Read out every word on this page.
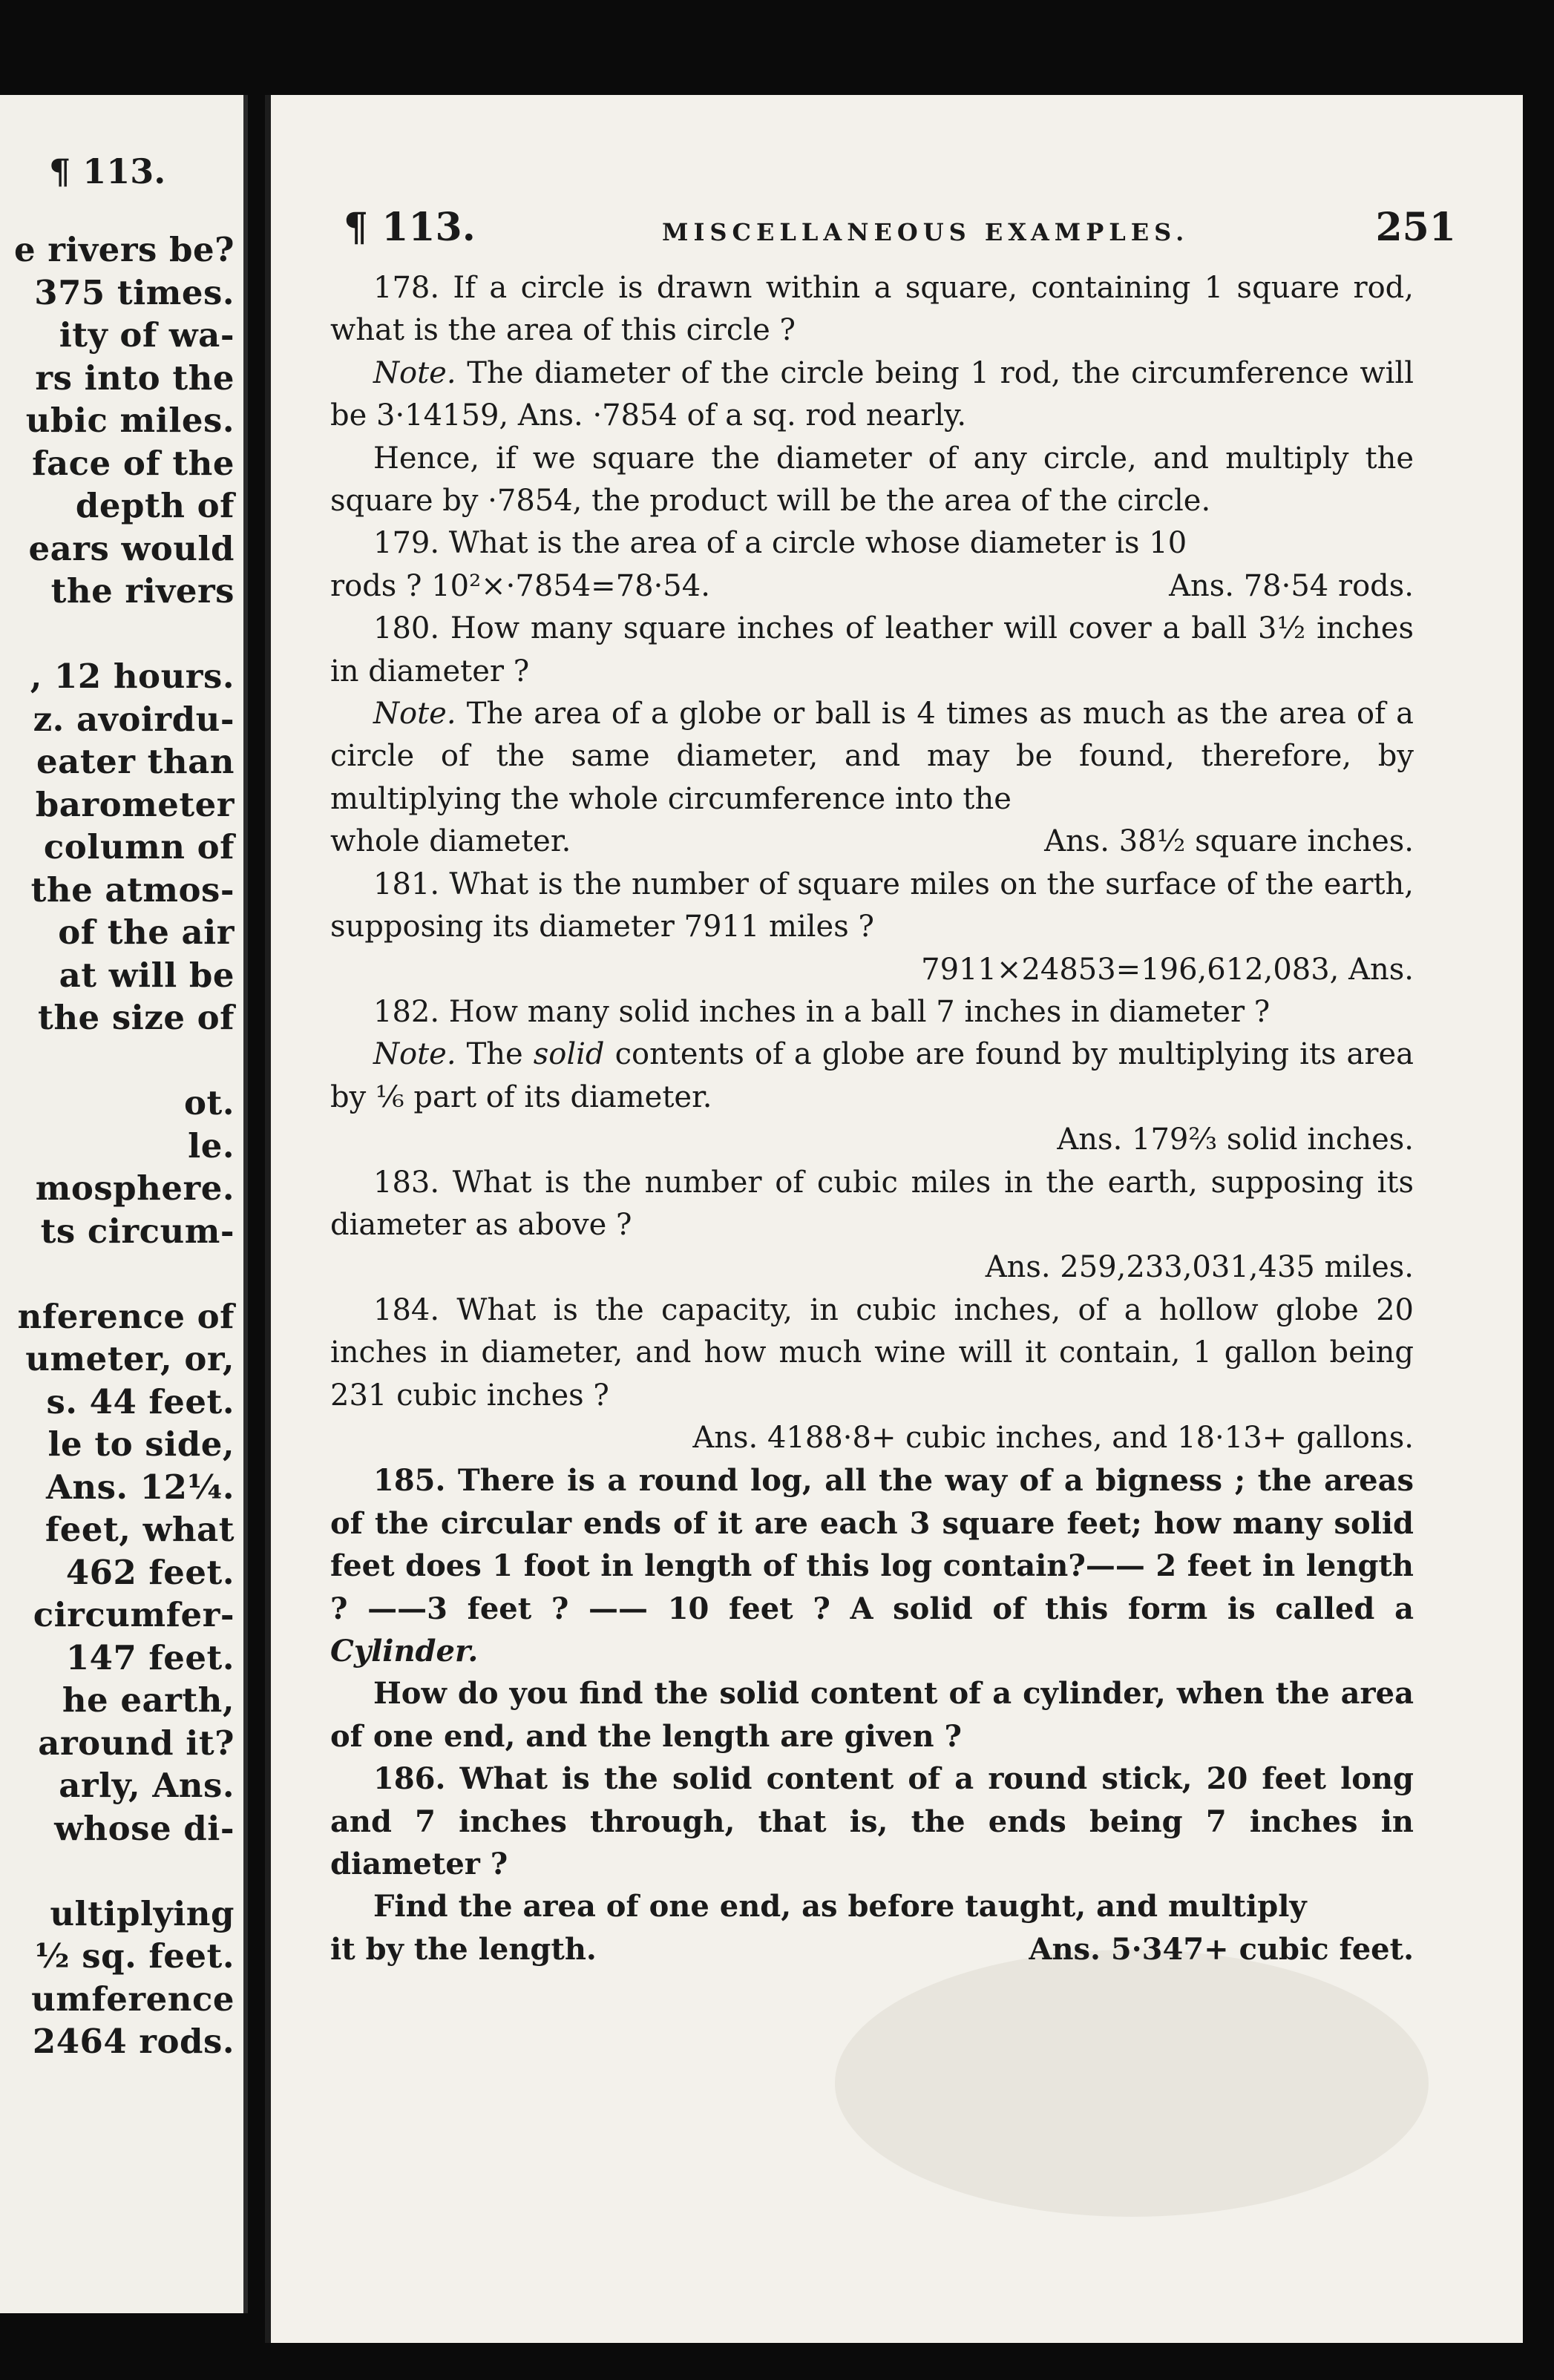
¶ 113.
e rivers be?
375 times.
ity of wa-
rs into the
ubic miles.
face of the
depth of
ears would
the rivers
, 12 hours.
z. avoirdu-
eater than
barometer
column of
the atmos-
of the air
at will be
the size of
ot.
le.
mosphere.
ts circum-
nference of
umeter, or,
s. 44 feet.
le to side,
Ans. 12¼.
feet, what
462 feet.
circumfer-
147 feet.
he earth,
around it?
arly, Ans.
whose di-
ultiplying
½ sq. feet.
umference
2464 rods.
¶ 113.	MISCELLANEOUS EXAMPLES.	251

178. If a circle is drawn within a square, containing 1 square rod, what is the area of this circle ?

Note. The diameter of the circle being 1 rod, the circumference will be 3·14159, Ans. ·7854 of a sq. rod nearly.

Hence, if we square the diameter of any circle, and multiply the square by ·7854, the product will be the area of the circle.

179. What is the area of a circle whose diameter is 10

rods ? 10²×·7854=78·54.	Ans. 78·54 rods.

180. How many square inches of leather will cover a ball 3½ inches in diameter ?

Note. The area of a globe or ball is 4 times as much as the area of a circle of the same diameter, and may be found, therefore, by multiplying the whole circumference into the

whole diameter.	Ans. 38½ square inches.

181. What is the number of square miles on the surface of the earth, supposing its diameter 7911 miles ?

7911×24853=196,612,083, Ans.

182. How many solid inches in a ball 7 inches in diameter ?

Note. The solid contents of a globe are found by multiplying its area by ⅙ part of its diameter.

Ans. 179⅔ solid inches.

183. What is the number of cubic miles in the earth, supposing its diameter as above ?

Ans. 259,233,031,435 miles.

184. What is the capacity, in cubic inches, of a hollow globe 20 inches in diameter, and how much wine will it contain, 1 gallon being 231 cubic inches ?

Ans. 4188·8+ cubic inches, and 18·13+ gallons.

185. There is a round log, all the way of a bigness ; the areas of the circular ends of it are each 3 square feet; how many solid feet does 1 foot in length of this log contain?—— 2 feet in length ? ——3 feet ? —— 10 feet ? A solid of this form is called a Cylinder.

How do you find the solid content of a cylinder, when the area of one end, and the length are given ?

186. What is the solid content of a round stick, 20 feet long and 7 inches through, that is, the ends being 7 inches in diameter ?

Find the area of one end, as before taught, and multiply

it by the length.	Ans. 5·347+ cubic feet.
